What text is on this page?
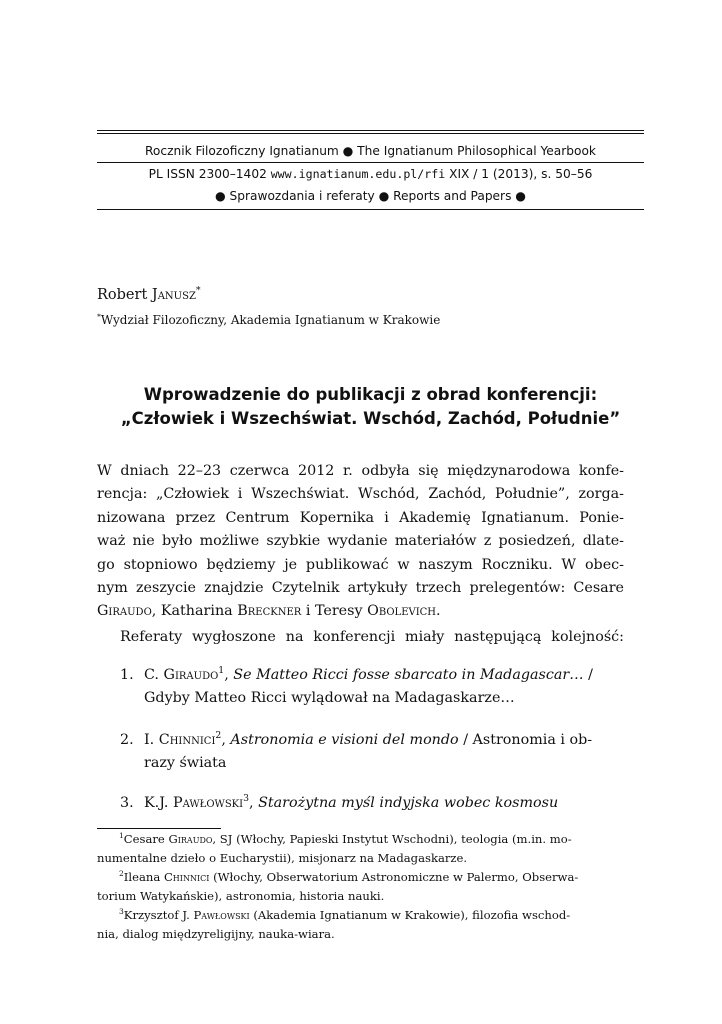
Rocznik Filozoficzny Ignatianum ● The Ignatianum Philosophical Yearbook
PL ISSN 2300–1402 www.ignatianum.edu.pl/rfi XIX / 1 (2013), s. 50–56
● Sprawozdania i referaty ● Reports and Papers ●
Robert Janusz*
*Wydział Filozoficzny, Akademia Ignatianum w Krakowie
Wprowadzenie do publikacji z obrad konferencji:
„Człowiek i Wszechświat. Wschód, Zachód, Południe”
W dniach 22–23 czerwca 2012 r. odbyła się międzynarodowa konfe-
rencja: „Człowiek i Wszechświat. Wschód, Zachód, Południe”, zorga-
nizowana przez Centrum Kopernika i Akademię Ignatianum. Ponie-
waż nie było możliwe szybkie wydanie materiałów z posiedzeń, dlate-
go stopniowo będziemy je publikować w naszym Roczniku. W obec-
nym zeszycie znajdzie Czytelnik artykuły trzech prelegentów: Cesare
Giraudo, Katharina Breckner i Teresy Obolevich.
Referaty wygłoszone na konferencji miały następującą kolejność:
1. C. Giraudo$^1$, Se Matteo Ricci fosse sbarcato in Madagascar… /
Gdyby Matteo Ricci wylądował na Madagaskarze…
2. I. Chinnici$^2$, Astronomia e visioni del mondo / Astronomia i ob-
razy świata
3. K.J. Pawłowski$^3$, Starożytna myśl indyjska wobec kosmosu
$^1$Cesare Giraudo, SJ (Włochy, Papieski Instytut Wschodni), teologia (m.in. mo-
numentalne dzieło o Eucharystii), misjonarz na Madagaskarze.
$^2$Ileana Chinnici (Włochy, Obserwatorium Astronomiczne w Palermo, Obserwa-
torium Watykańskie), astronomia, historia nauki.
$^3$Krzysztof J. Pawłowski (Akademia Ignatianum w Krakowie), filozofia wschod-
nia, dialog międzyreligijny, nauka-wiara.
